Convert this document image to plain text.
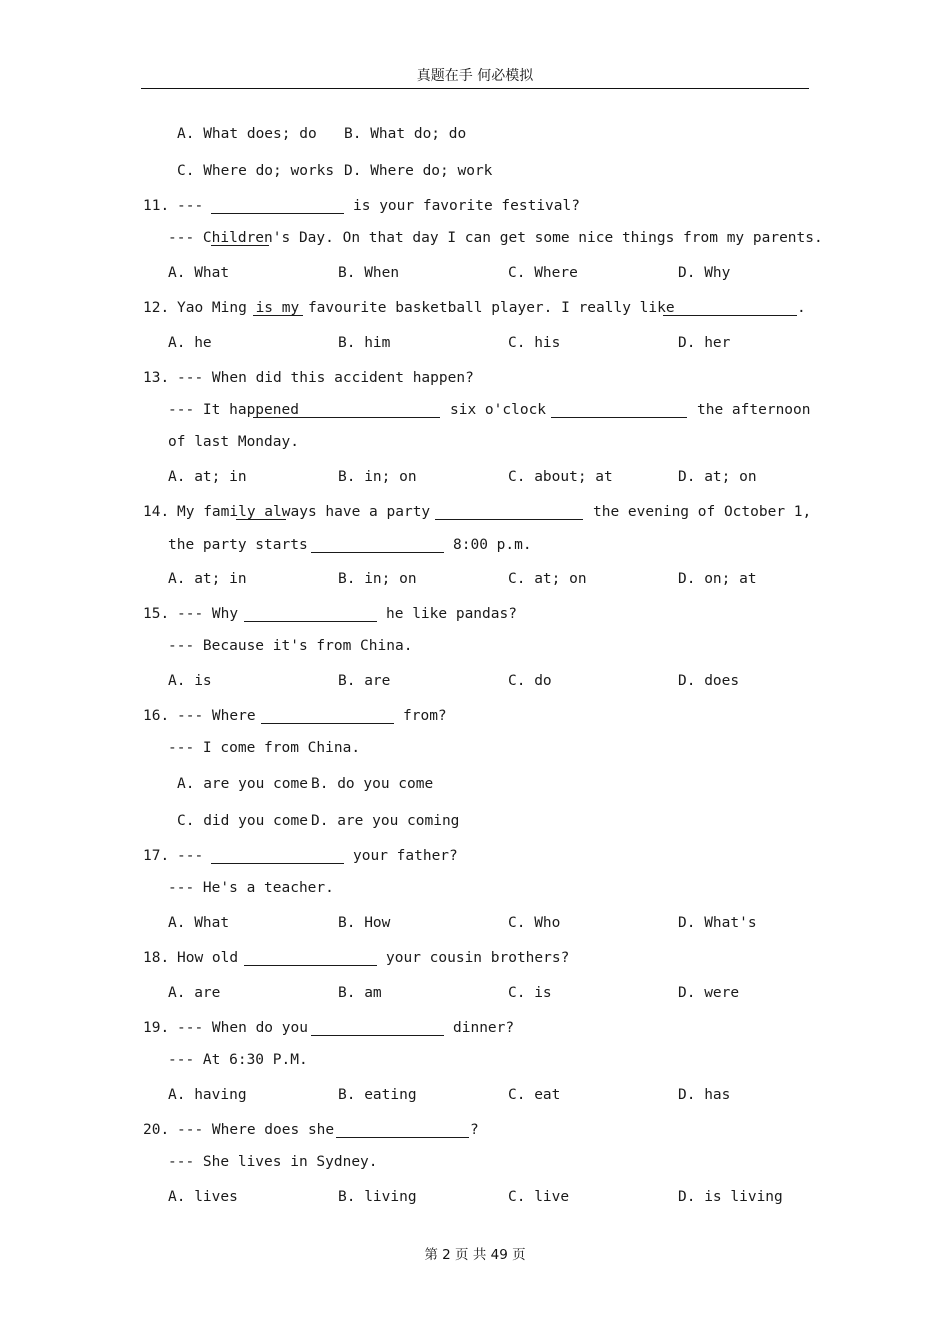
真题在手 何必模拟
A. What does; do B. What do; do
C. Where do; works D. Where do; work
11. ---	is your favorite festival?
--- Children's Day. On that day I can get some nice things from my parents.
A. What	B. When	C. Where	D. Why
12. Yao Ming is my favourite basketball player. I really like	.
A. he	B. him	C. his	D. her
13. --- When did this accident happen?
--- It happened	six o'clock	the afternoon
of last Monday.
A. at; in	B. in; on	C. about; at	D. at; on
14. My family always have a party	the evening of October 1,
the party starts	8:00 p.m.
A. at; in	B. in; on	C. at; on	D. on; at
15. --- Why	he like pandas?
--- Because it's from China.
A. is	B. are	C. do	D. does
16. --- Where	from?
--- I come from China.
A. are you come B. do you come
C. did you come D. are you coming
17. ---	your father?
--- He's a teacher.
A. What	B. How	C. Who	D. What's
18. How old	your cousin brothers?
A. are	B. am	C. is	D. were
19. --- When do you	dinner?
--- At 6:30 P.M.
A. having	B. eating	C. eat	D. has
20. --- Where does she	?
--- She lives in Sydney.
A. lives	B. living	C. live	D. is living
第 2 页 共 49 页
